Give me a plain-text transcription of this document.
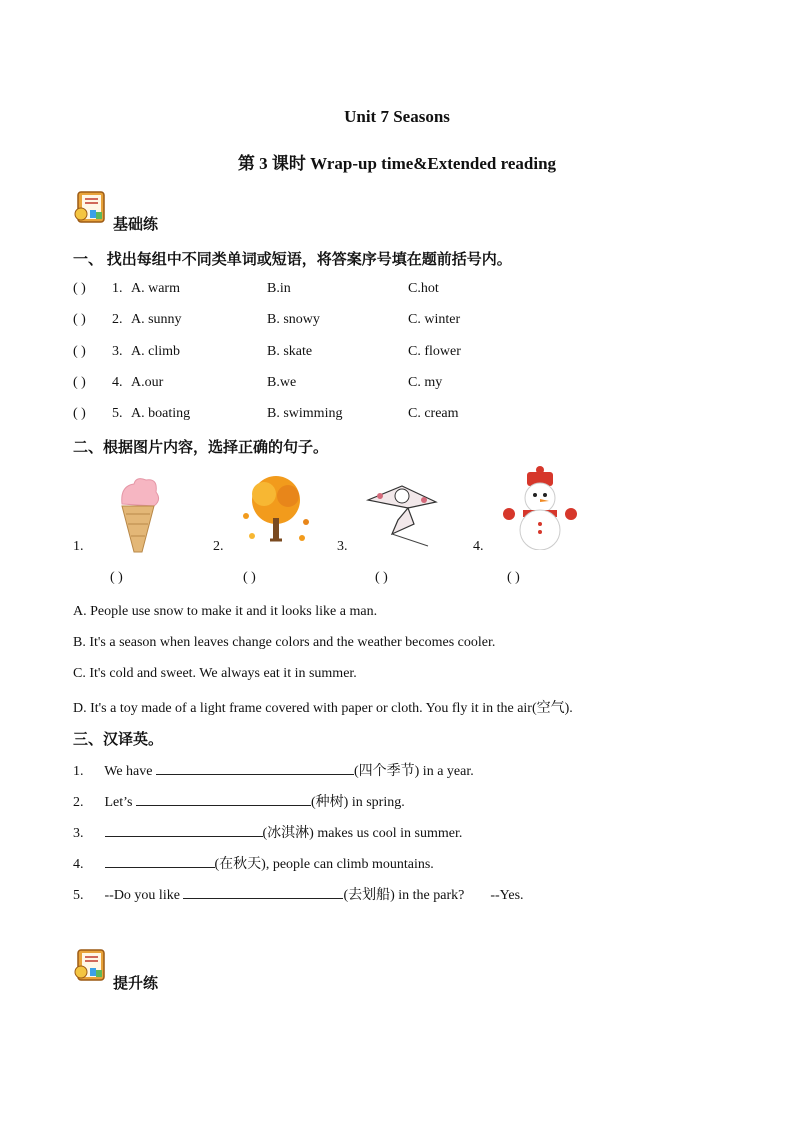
Unit 7 Seasons
第 3 课时 Wrap-up time&Extended reading
基础练
一、 找出每组中不同类单词或短语，将答案序号填在题前括号内。
( ) 1. A. warm	B.in	C.hot
( ) 2. A. sunny	B. snowy	C. winter
( ) 3. A. climb	B. skate	C. flower
( ) 4. A.our	B.we	C. my
( ) 5. A. boating	B. swimming	C. cream
二、根据图片内容，选择正确的句子。
1.	2.	3.	4.
( )	( )	( )	( )
A. People use snow to make it and it looks like a man.
B. It's a season when leaves change colors and the weather becomes cooler.
C. It's cold and sweet. We always eat it in summer.
D. It's a toy made of a light frame covered with paper or cloth. You fly it in the air(空气).
三、汉译英。
1. We have	(四个季节) in a year.
2. Let’s	(种树) in spring.
3.	(冰淇淋) makes us cool in summer.
4.	(在秋天), people can climb mountains.
5. --Do you like	(去划船) in the park? --Yes.
提升练
